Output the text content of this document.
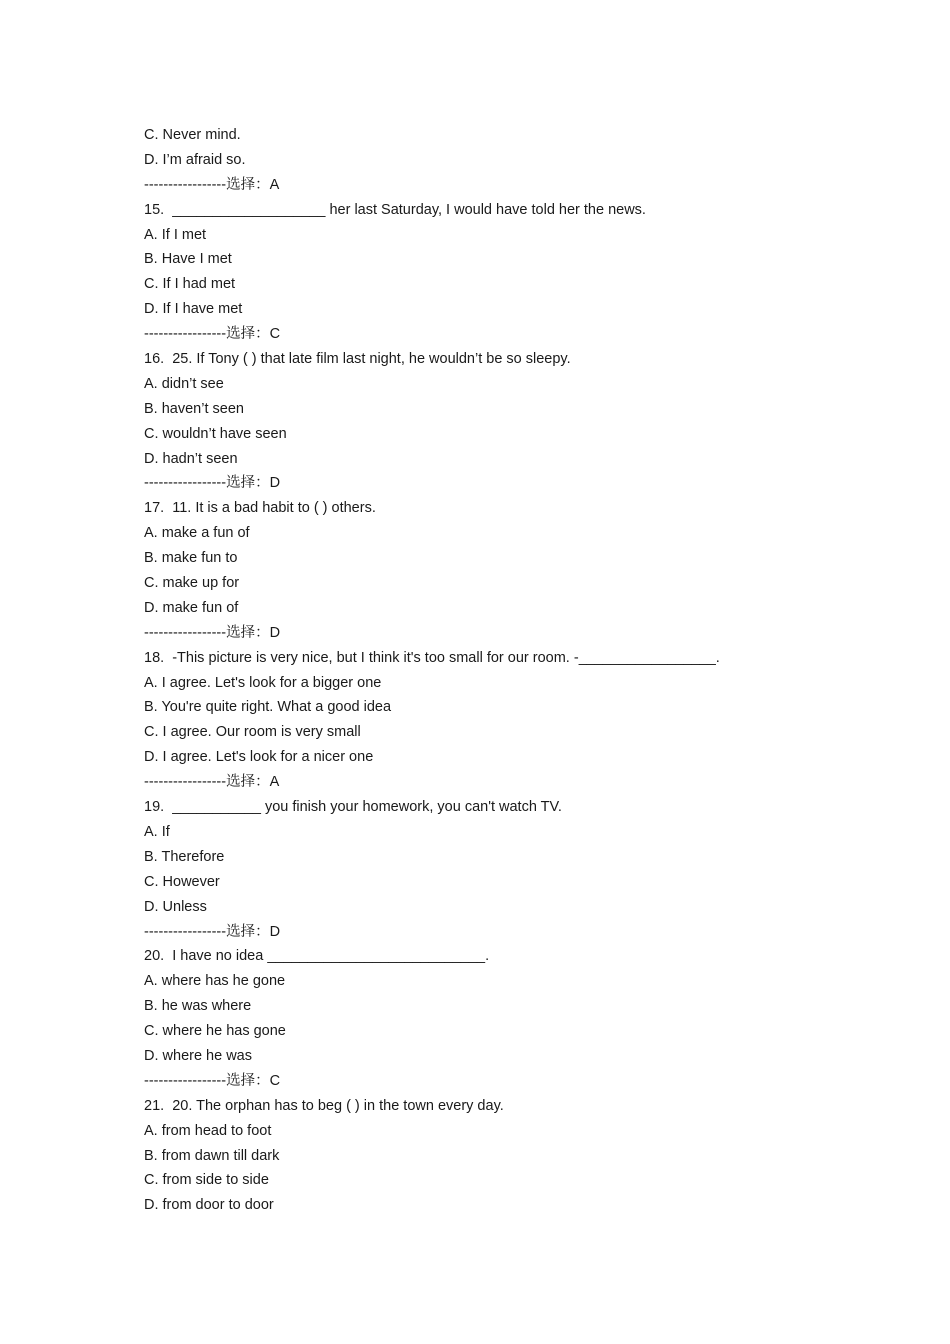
C. Never mind.
D. I’m afraid so.
-----------------选择：A
15.  ___________________ her last Saturday, I would have told her the news.
A. If I met
B. Have I met
C. If I had met
D. If I have met
-----------------选择：C
16.  25. If Tony ( ) that late film last night, he wouldn’t be so sleepy.
A. didn’t see
B. haven’t seen
C. wouldn’t have seen
D. hadn’t seen
-----------------选择：D
17.  11. It is a bad habit to ( ) others.
A. make a fun of
B. make fun to
C. make up for
D. make fun of
-----------------选择：D
18.  -This picture is very nice, but I think it's too small for our room. -_________________.
A. I agree. Let's look for a bigger one
B. You're quite right. What a good idea
C. I agree. Our room is very small
D. I agree. Let's look for a nicer one
-----------------选择：A
19.  ___________ you finish your homework, you can't watch TV.
A. If
B. Therefore
C. However
D. Unless
-----------------选择：D
20.  I have no idea ___________________________.
A. where has he gone
B. he was where
C. where he has gone
D. where he was
-----------------选择：C
21.  20. The orphan has to beg ( ) in the town every day.
A. from head to foot
B. from dawn till dark
C. from side to side
D. from door to door
